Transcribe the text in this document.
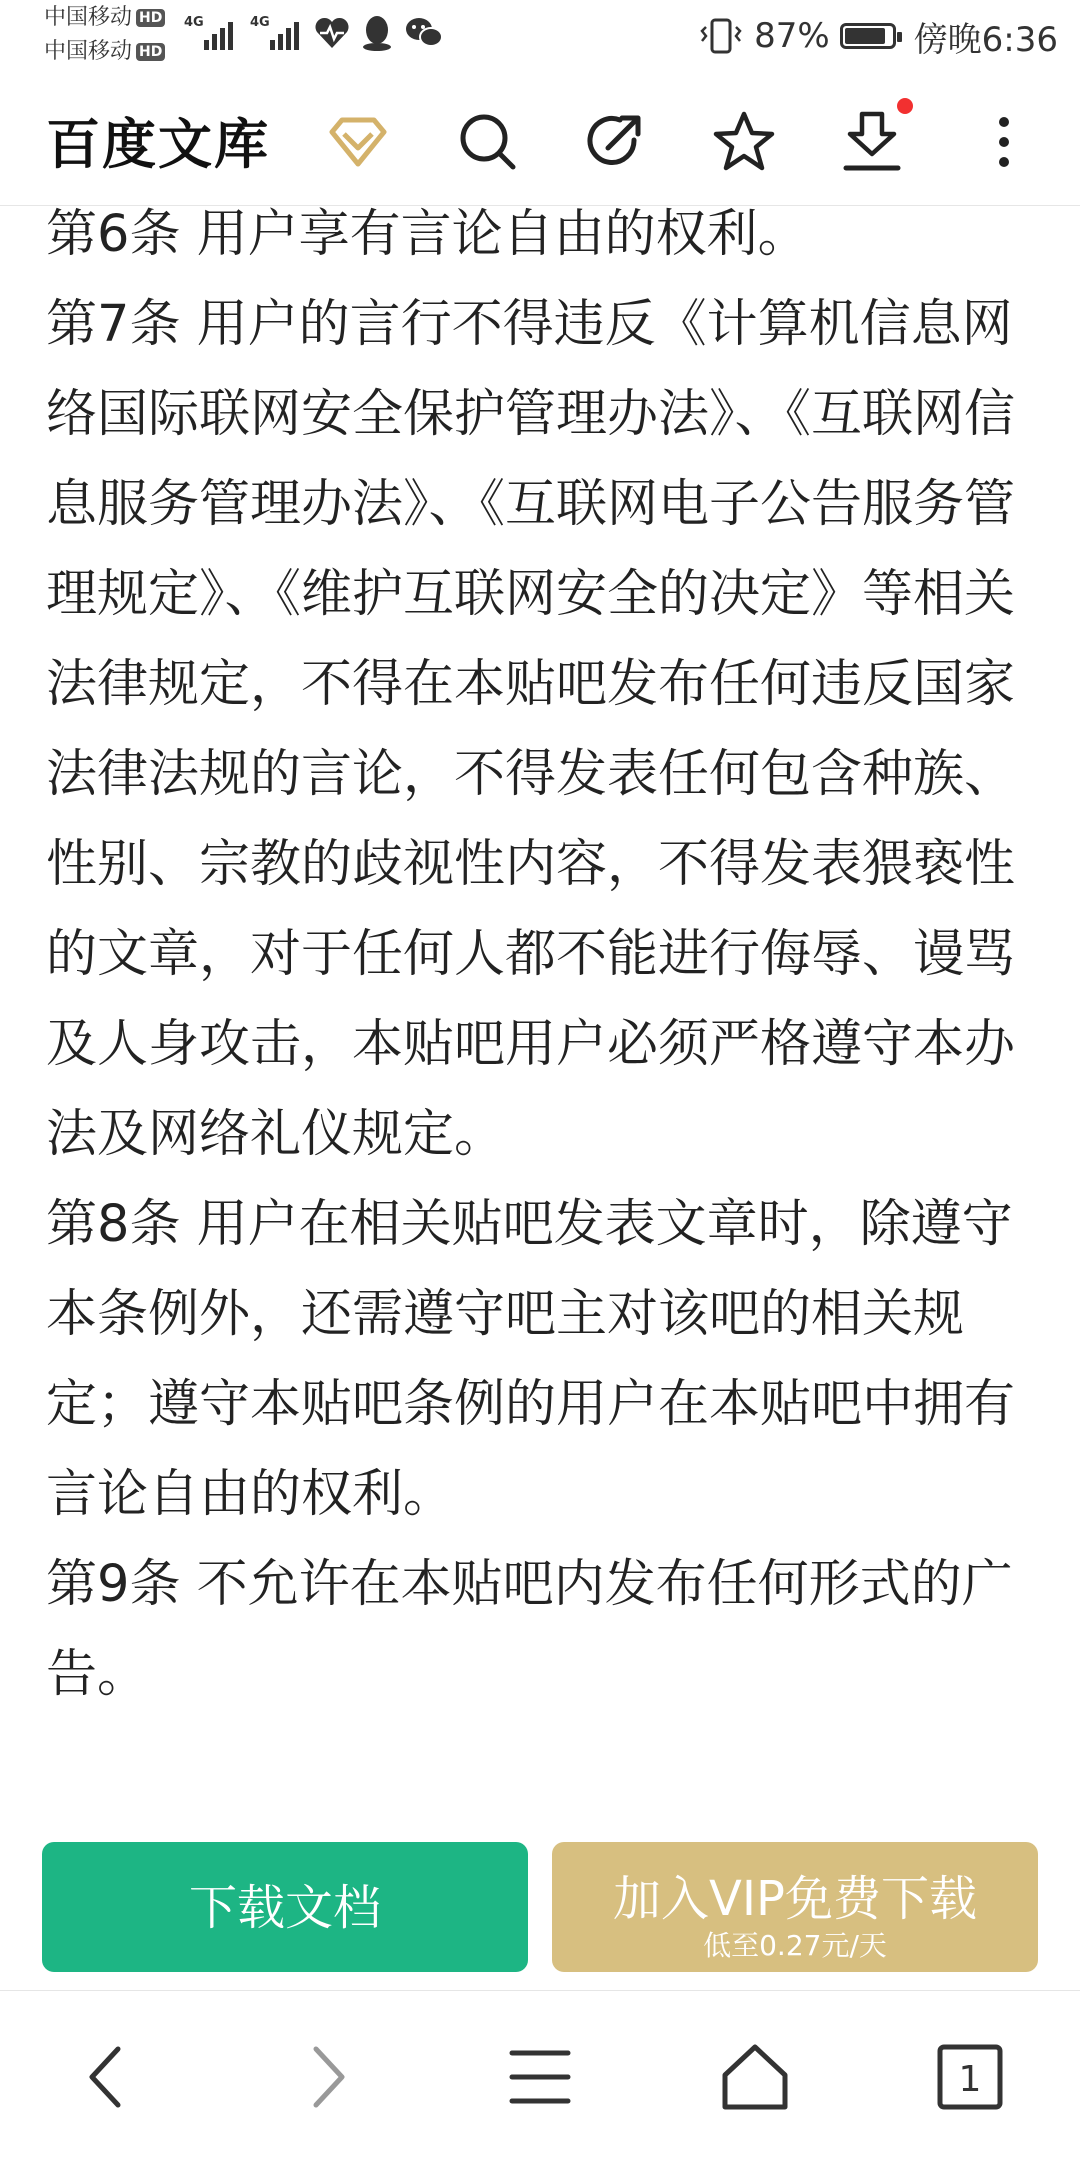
中国移动 HD
中国移动 HD
4G	4G	87% 傍晚6:36
百度文库

第6条 用户享有言论自由的权利。

第7条 用户的言行不得违反《计算机信息网络国际联网安全保护管理办法》、《互联网信息服务管理办法》、《互联网电子公告服务管理规定》、《维护互联网安全的决定》等相关法律规定，不得在本贴吧发布任何违反国家法律法规的言论，不得发表任何包含种族、性别、宗教的歧视性内容，不得发表猥亵性的文章，对于任何人都不能进行侮辱、谩骂及人身攻击，本贴吧用户必须严格遵守本办法及网络礼仪规定。

第8条 用户在相关贴吧发表文章时，除遵守本条例外，还需遵守吧主对该吧的相关规定；遵守本贴吧条例的用户在本贴吧中拥有言论自由的权利。

第9条 不允许在本贴吧内发布任何形式的广告。

下载文档	加入VIP免费下载
低至0.27元/天
1
